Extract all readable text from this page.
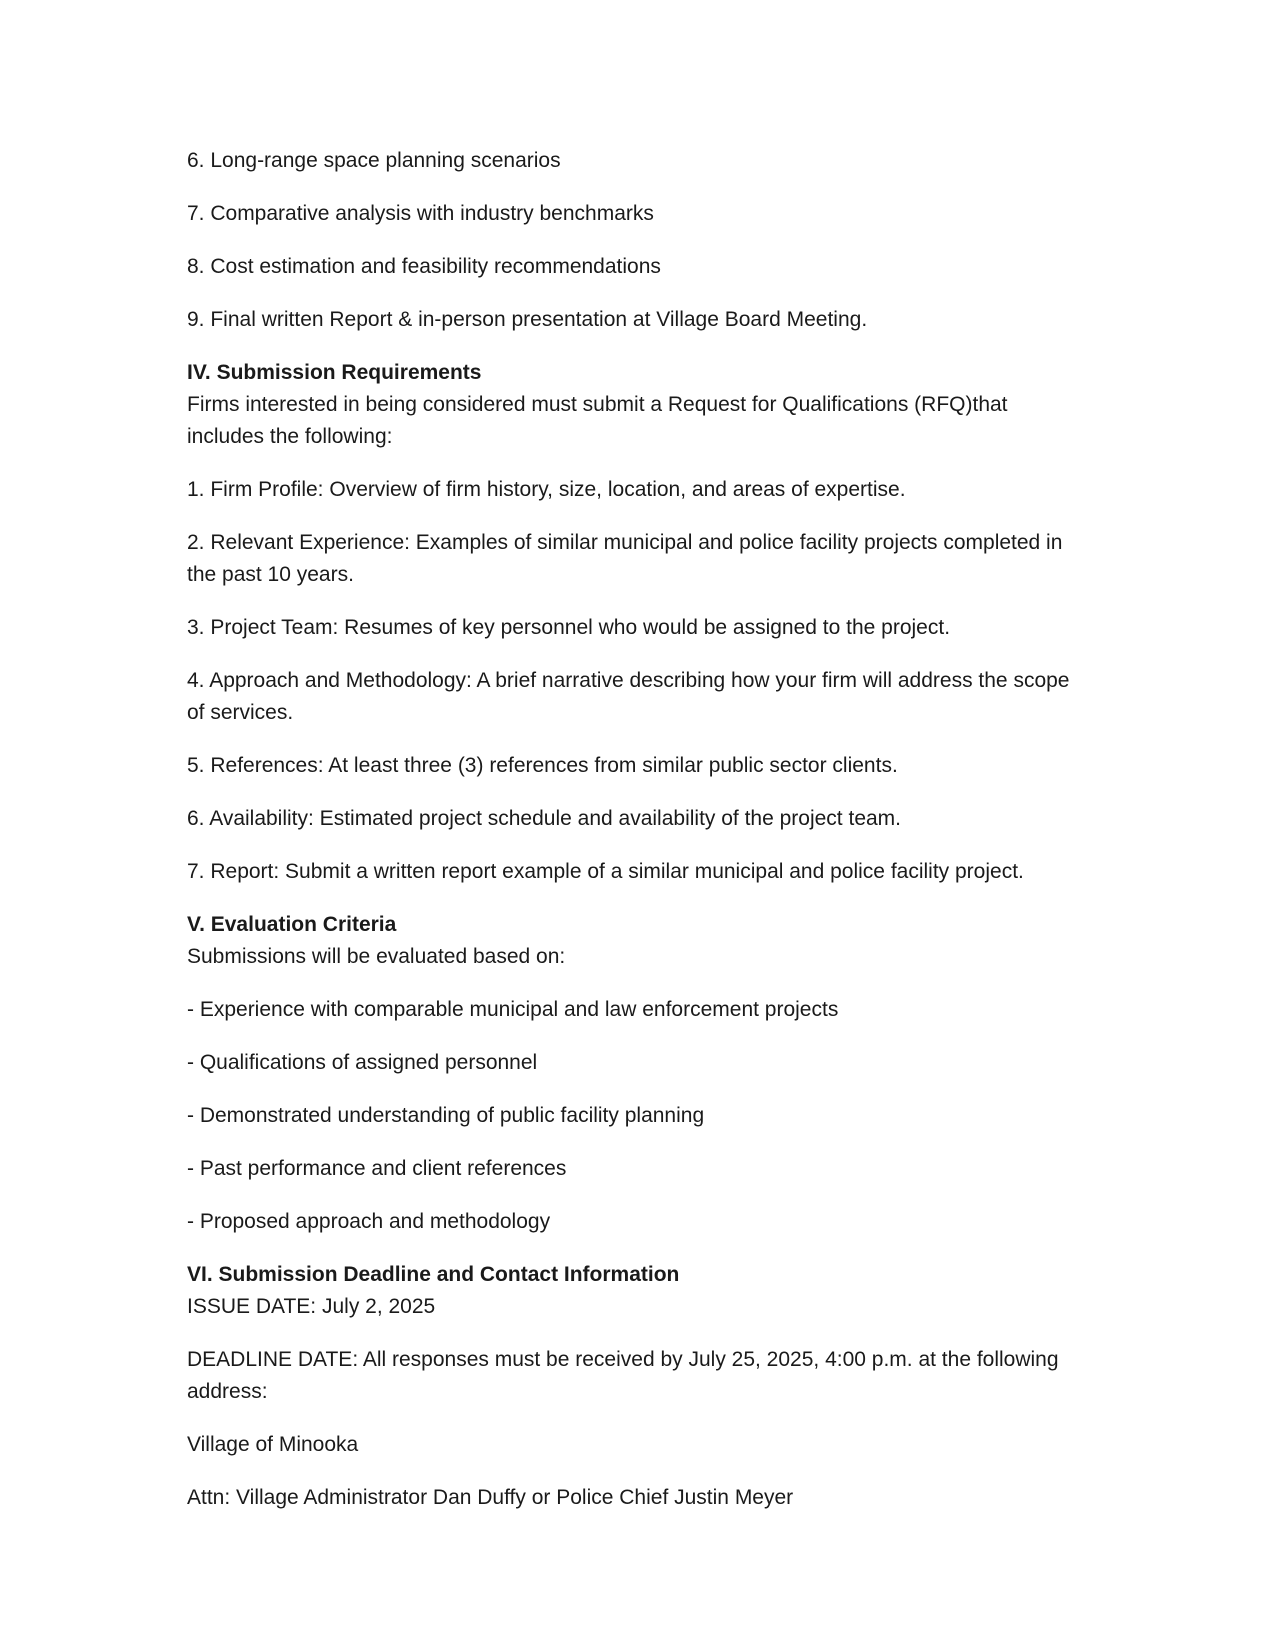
6. Long-range space planning scenarios

7. Comparative analysis with industry benchmarks

8. Cost estimation and feasibility recommendations

9. Final written Report & in-person presentation at Village Board Meeting.

IV. Submission Requirements

Firms interested in being considered must submit a Request for Qualifications (RFQ)that includes the following:

1. Firm Profile: Overview of firm history, size, location, and areas of expertise.

2. Relevant Experience: Examples of similar municipal and police facility projects completed in the past 10 years.

3. Project Team: Resumes of key personnel who would be assigned to the project.

4. Approach and Methodology: A brief narrative describing how your firm will address the scope of services.

5. References: At least three (3) references from similar public sector clients.

6. Availability: Estimated project schedule and availability of the project team.

7. Report: Submit a written report example of a similar municipal and police facility project.

V. Evaluation Criteria

Submissions will be evaluated based on:

- Experience with comparable municipal and law enforcement projects

- Qualifications of assigned personnel

- Demonstrated understanding of public facility planning

- Past performance and client references

- Proposed approach and methodology

VI. Submission Deadline and Contact Information

ISSUE DATE: July 2, 2025

DEADLINE DATE: All responses must be received by July 25, 2025, 4:00 p.m. at the following address:

Village of Minooka

Attn: Village Administrator Dan Duffy or Police Chief Justin Meyer
